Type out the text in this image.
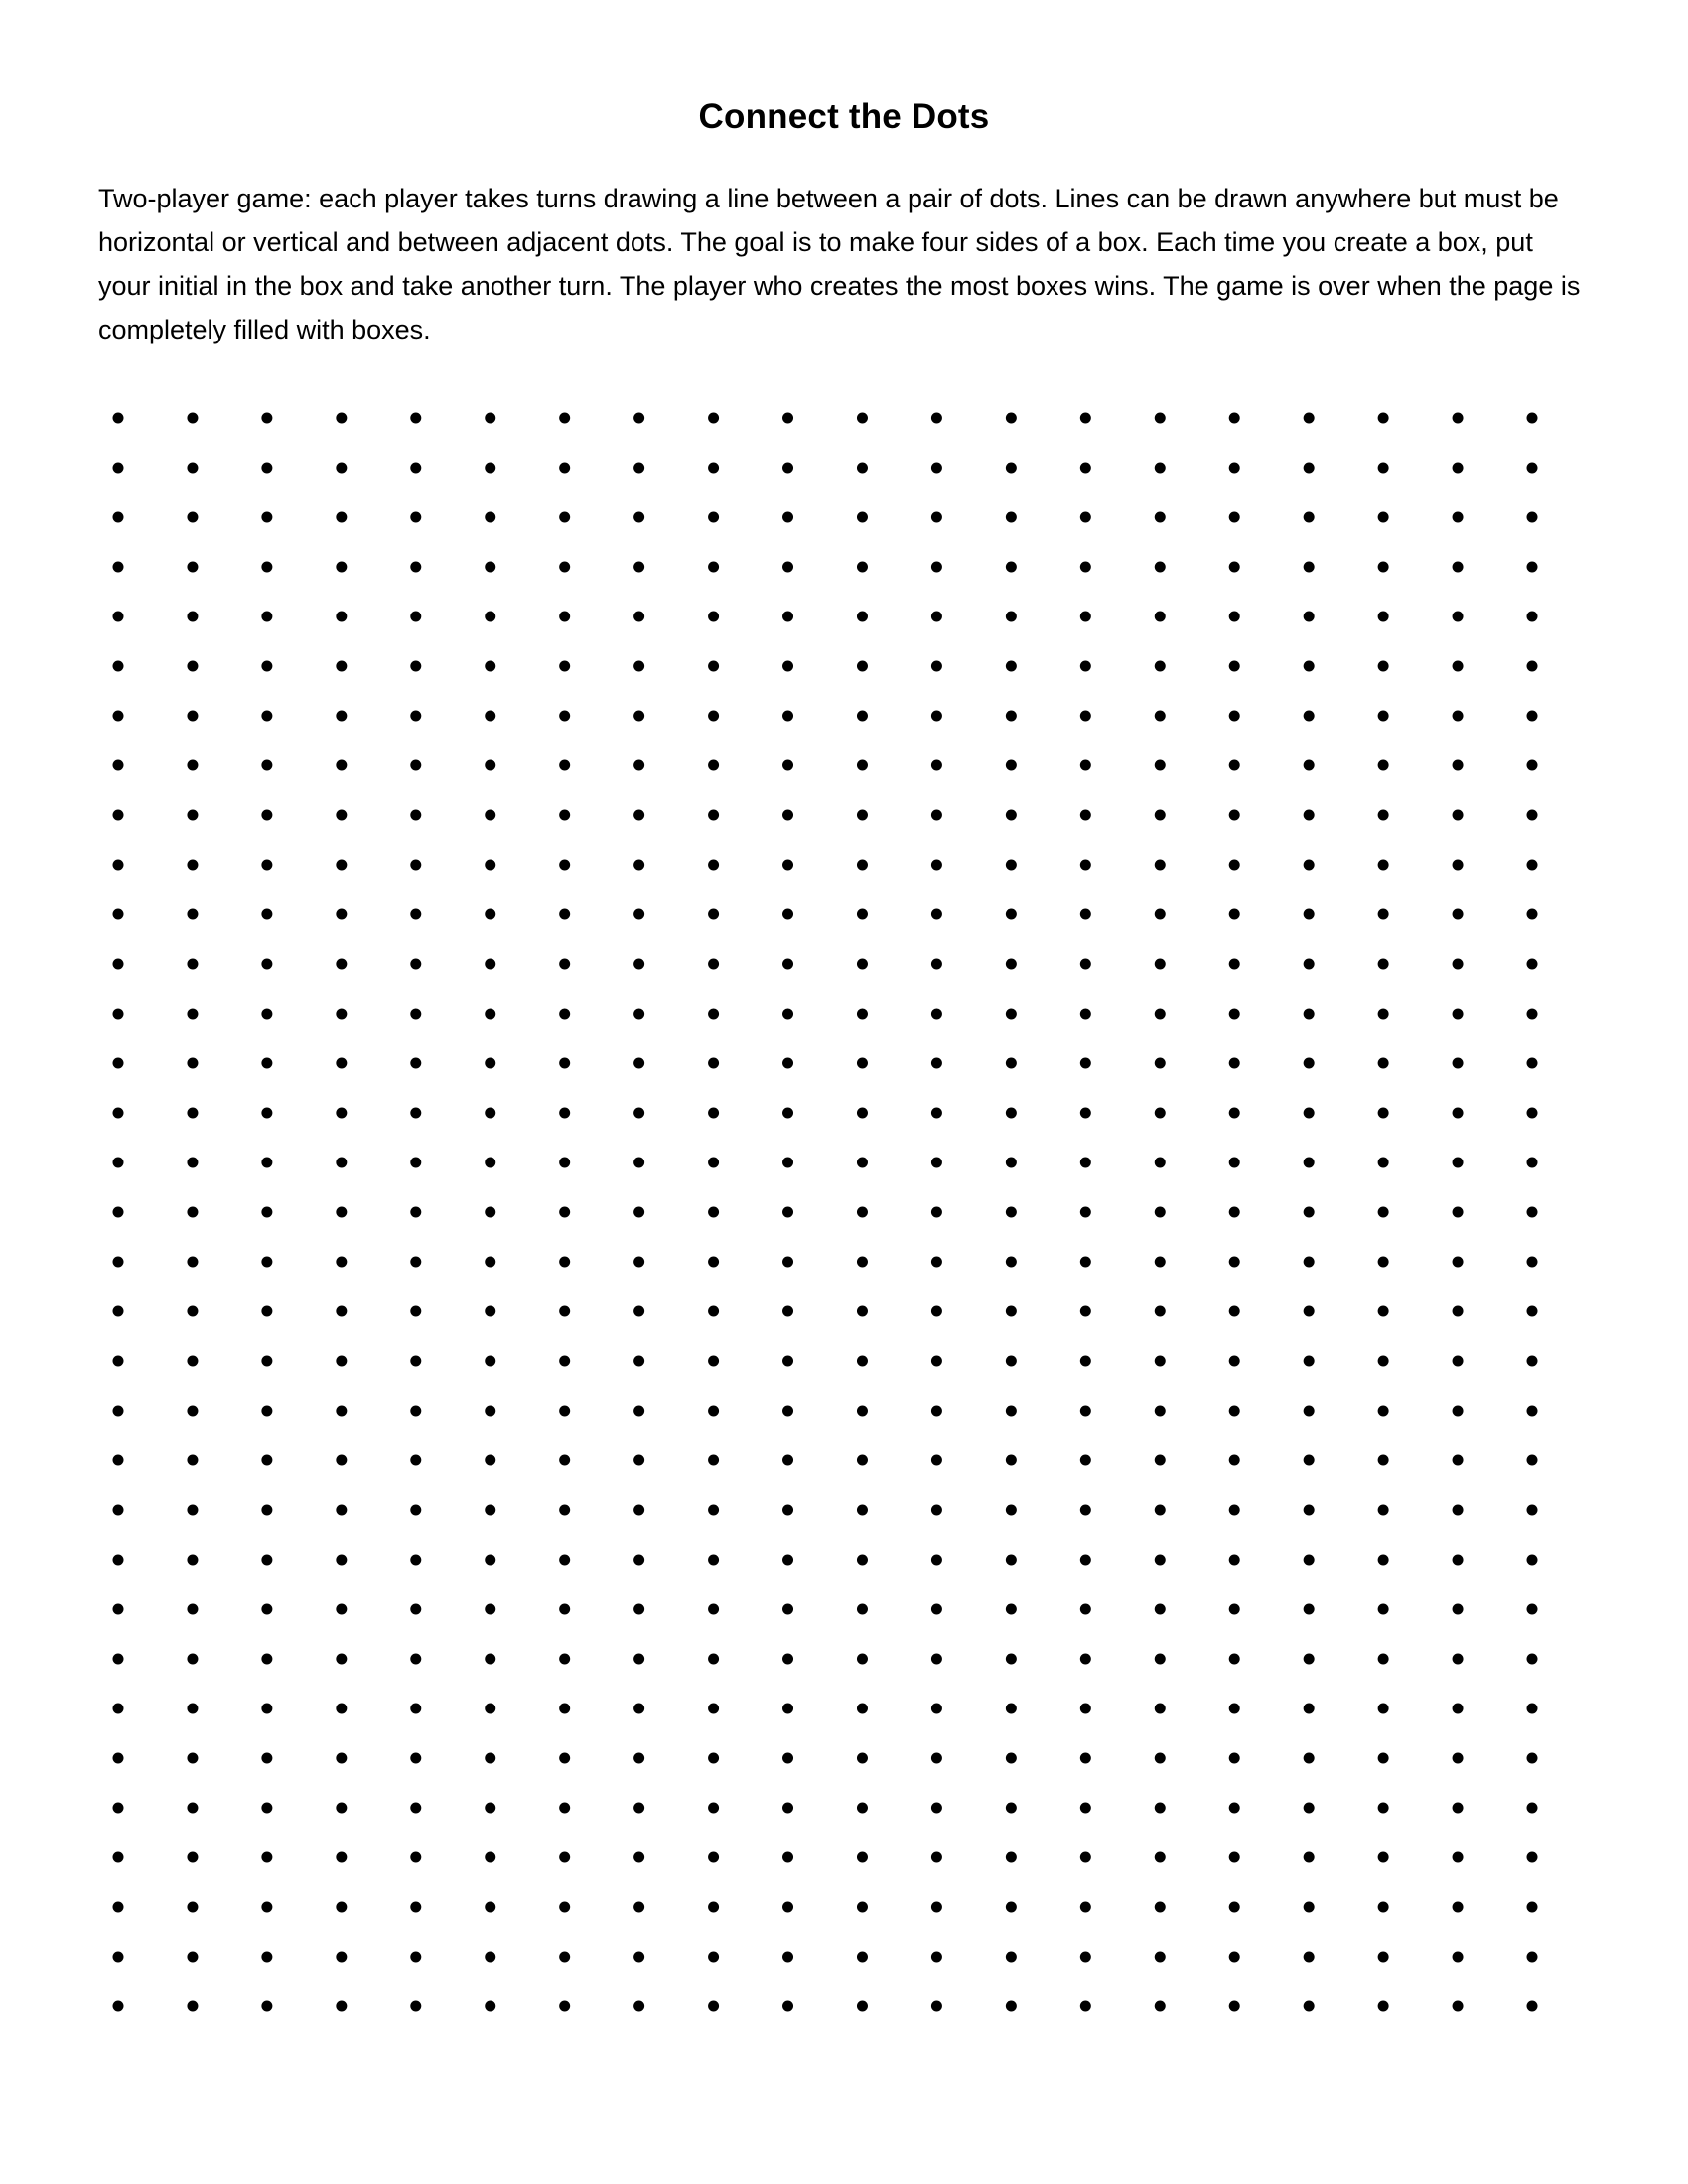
Connect the Dots

Two-player game: each player takes turns drawing a line between a pair of dots. Lines can be drawn anywhere but must be horizontal or vertical and between adjacent dots. The goal is to make four sides of a box. Each time you create a box, put your initial in the box and take another turn. The player who creates the most boxes wins. The game is over when the page is completely filled with boxes.
